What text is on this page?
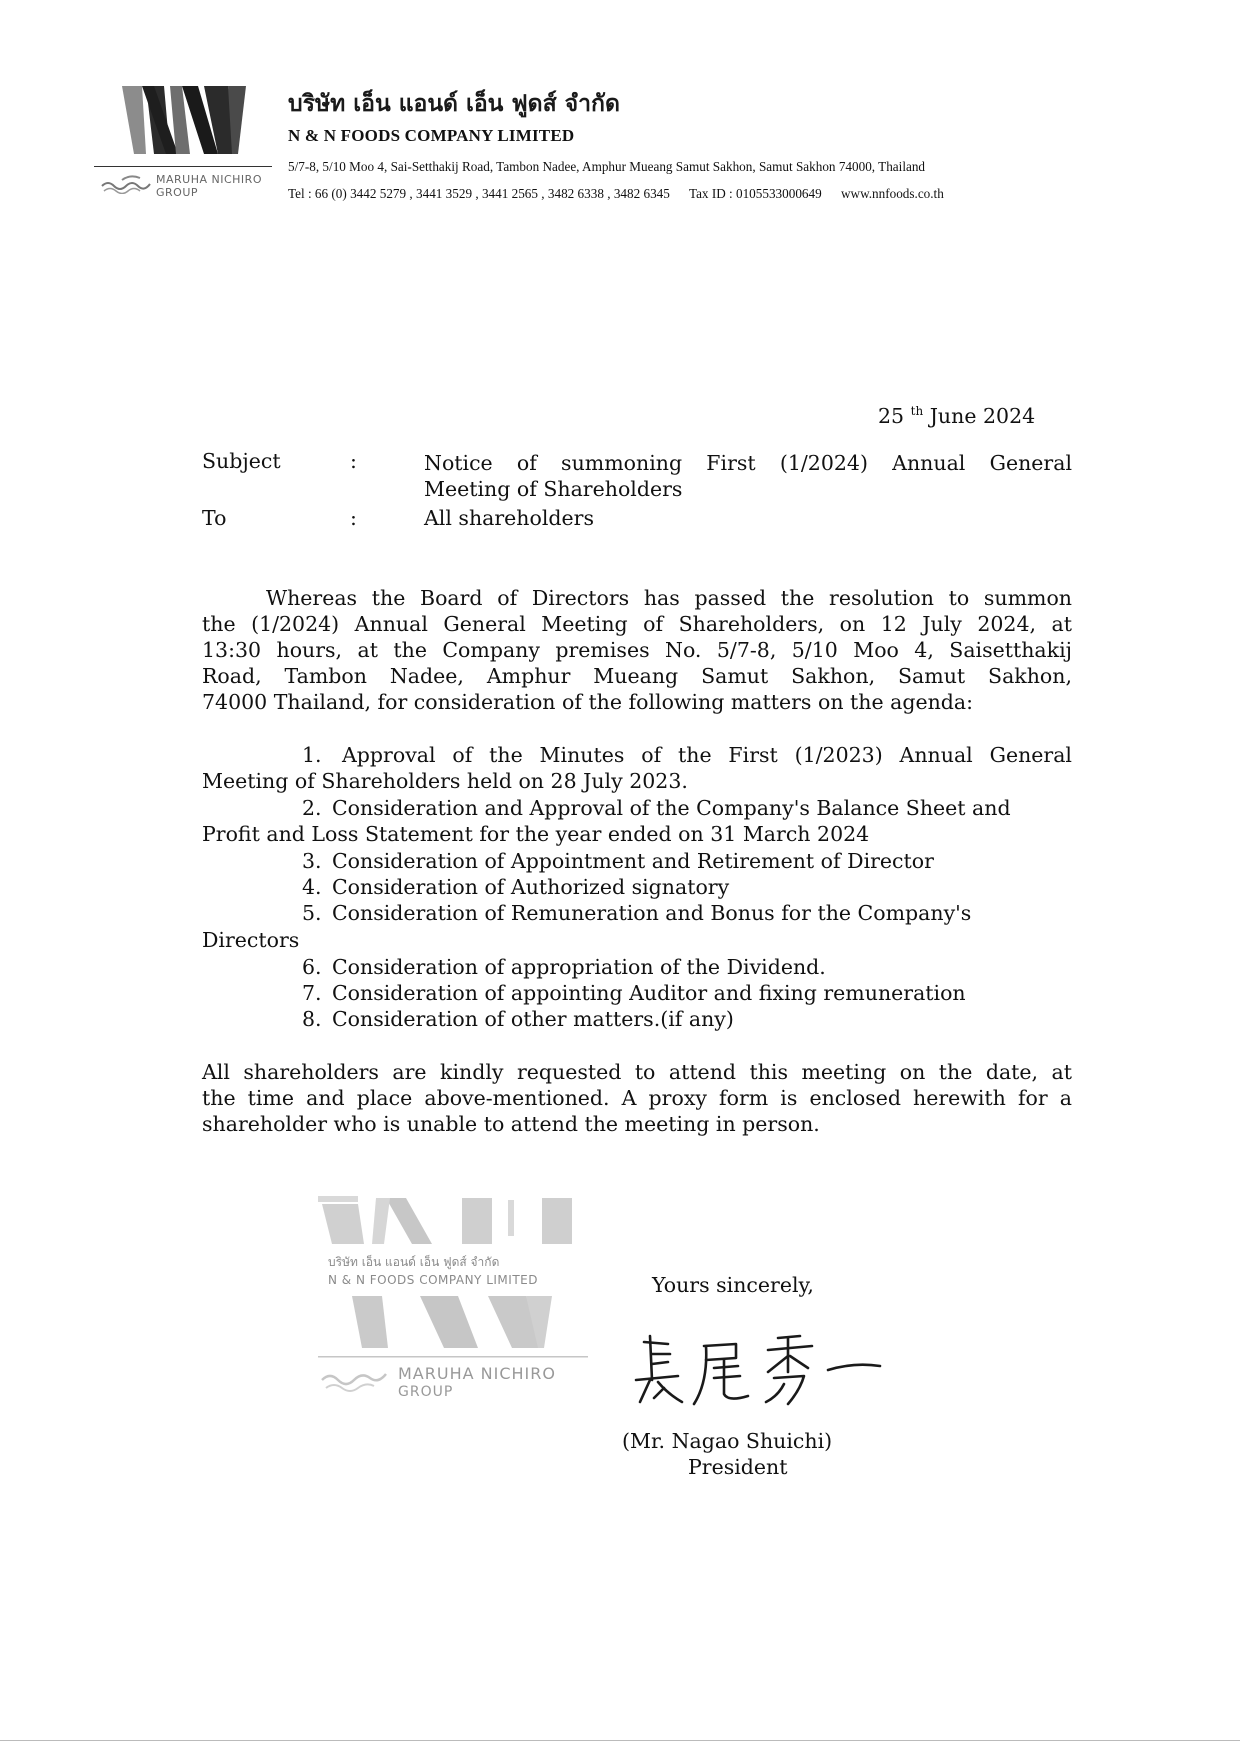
MARUHA NICHIRO
GROUP
บริษัท เอ็น แอนด์ เอ็น ฟูดส์ จำกัด
N & N FOODS COMPANY LIMITED
5/7-8, 5/10 Moo 4, Sai-Setthakij Road, Tambon Nadee, Amphur Mueang Samut Sakhon, Samut Sakhon 74000, Thailand
Tel : 66 (0) 3442 5279 , 3441 3529 , 3441 2565 , 3482 6338 , 3482 6345 Tax ID : 0105533000649 www.nnfoods.co.th
25 $^{th}$ June 2024
Subject	:	Notice of summoning First (1/2024) Annual General
Meeting of Shareholders
To	:	All shareholders
Whereas the Board of Directors has passed the resolution to summon
the (1/2024) Annual General Meeting of Shareholders, on 12 July 2024, at
13:30 hours, at the Company premises No. 5/7-8, 5/10 Moo 4, Saisetthakij
Road, Tambon Nadee, Amphur Mueang Samut Sakhon, Samut Sakhon,
74000 Thailand, for consideration of the following matters on the agenda:
1. Approval of the Minutes of the First (1/2023) Annual General
Meeting of Shareholders held on 28 July 2023.
2. Consideration and Approval of the Company's Balance Sheet and
Profit and Loss Statement for the year ended on 31 March 2024
3. Consideration of Appointment and Retirement of Director
4. Consideration of Authorized signatory
5. Consideration of Remuneration and Bonus for the Company's
Directors
6. Consideration of appropriation of the Dividend.
7. Consideration of appointing Auditor and fixing remuneration
8. Consideration of other matters.(if any)
All shareholders are kindly requested to attend this meeting on the date, at
the time and place above-mentioned. A proxy form is enclosed herewith for a
shareholder who is unable to attend the meeting in person.
บริษัท เอ็น แอนด์ เอ็น ฟูดส์ จำกัด
N & N FOODS COMPANY LIMITED
MARUHA NICHIRO
GROUP
Yours sincerely,
(Mr. Nagao Shuichi)
President
